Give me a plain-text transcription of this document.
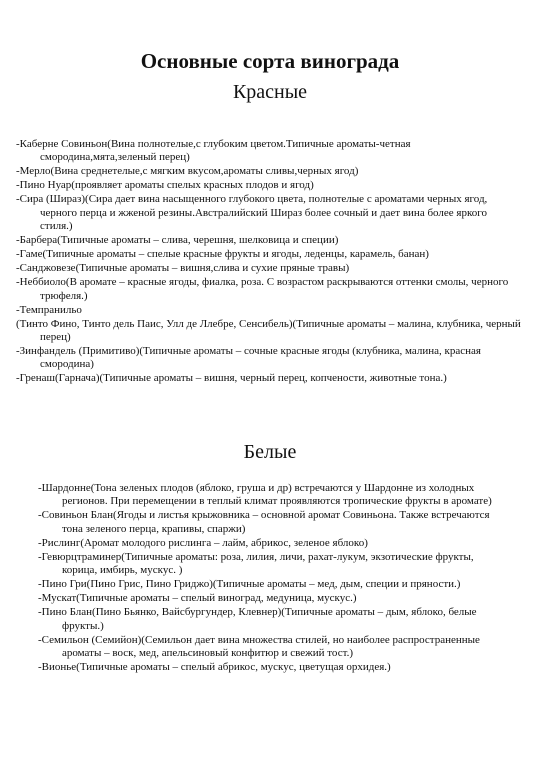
Основные сорта винограда
Красные
-Каберне Совиньон(Вина полнотелые,с глубоким цветом.Типичные ароматы-четная смородина,мята,зеленый перец)
-Мерло(Вина среднетелые,с мягким вкусом,ароматы сливы,черных ягод)
-Пино Нуар(проявляет ароматы спелых красных плодов и ягод)
-Сира (Шираз)(Сира дает вина насыщенного глубокого цвета, полнотелые с ароматами черных ягод, черного перца и жженой резины.Австралийский Шираз более сочный и дает вина более яркого стиля.)
-Барбера(Типичные ароматы – слива, черешня, шелковица и специи)
-Гаме(Типичные ароматы – спелые красные фрукты и ягоды, леденцы, карамель, банан)
-Санджовезе(Типичные ароматы – вишня,слива и сухие пряные травы)
-Неббиоло(В аромате – красные ягоды, фиалка, роза. С возрастом раскрываются оттенки смолы, черного трюфеля.)
-Темпранильо
(Тинто Фино, Тинто дель Паис, Улл де Ллебре, Сенсибель)(Типичные ароматы – малина, клубника, черный перец)
-Зинфандель (Примитиво)(Типичные ароматы – сочные красные ягоды (клубника, малина, красная смородина)
-Гренаш(Гарнача)(Типичные ароматы – вишня, черный перец, копчености, животные тона.)
Белые
-Шардонне(Тона зеленых плодов (яблоко, груша и др) встречаются у Шардонне из холодных регионов. При перемещении в теплый климат проявляются тропические фрукты в аромате)
-Совиньон Блан(Ягоды и листья крыжовника – основной аромат Совиньона. Также встречаются тона зеленого перца, крапивы, спаржи)
-Рислинг(Аромат молодого рислинга – лайм, абрикос, зеленое яблоко)
-Гевюрцтраминер(Типичные ароматы: роза, лилия, личи, рахат-лукум, экзотические фрукты, корица, имбирь, мускус. )
-Пино Гри(Пино Грис, Пино Гриджо)(Типичные ароматы – мед, дым, специи и пряности.)
-Мускат(Типичные ароматы – спелый виноград, медуница, мускус.)
-Пино Блан(Пино Бьянко, Вайсбургундер, Клевнер)(Типичные ароматы – дым, яблоко, белые фрукты.)
-Семильон (Семийон)(Семильон дает вина множества стилей, но наиболее распространенные ароматы – воск, мед, апельсиновый конфитюр и свежий тост.)
-Вионье(Типичные ароматы – спелый абрикос, мускус, цветущая орхидея.)
